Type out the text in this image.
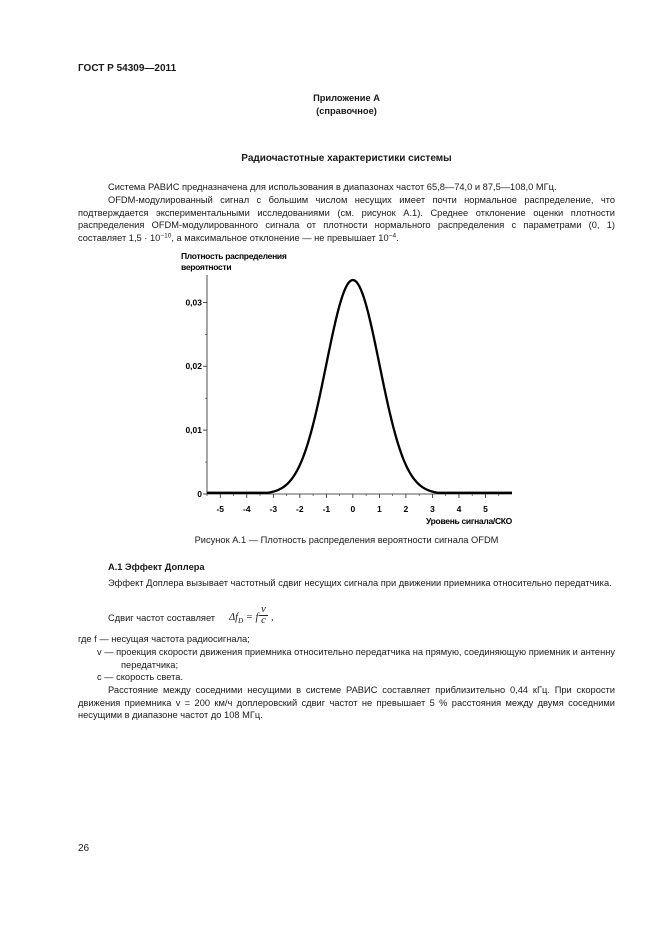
ГОСТ Р 54309—2011
Приложение А
(справочное)
Радиочастотные характеристики системы
Система РАВИС предназначена для использования в диапазонах частот 65,8—74,0 и 87,5—108,0 МГц.
OFDM-модулированный сигнал с большим числом несущих имеет почти нормальное распределение, что подтверждается экспериментальными исследованиями (см. рисунок А.1). Среднее отклонение оценки плотности распределения OFDM-модулированного сигнала от плотности нормального распределения с параметрами (0, 1) составляет $1,5 \cdot 10^{-10}$, а максимальное отклонение — не превышает $10^{-4}$.
Плотность распределения
вероятности
0
0,01
0,02
0,03
-5 -4 -3 -2 -1 0	1	2	3	4	5
Уровень сигнала/СКО
Рисунок А.1 — Плотность распределения вероятности сигнала OFDM
А.1 Эффект Доплера
Эффект Доплера вызывает частотный сдвиг несущих сигнала при движении приемника относительно передатчика.
Сдвиг частот составляет $\Delta f_D = f \frac{v}{c}$ ,
где f — несущая частота радиосигнала;
v — проекция скорости движения приемника относительно передатчика на прямую, соединяющую приемник и антенну передатчика;
c — скорость света.
Расстояние между соседними несущими в системе РАВИС составляет приблизительно 0,44 кГц. При скорости движения приемника v = 200 км/ч доплеровский сдвиг частот не превышает 5 % расстояния между двумя соседними несущими в диапазоне частот до 108 МГц.
26
